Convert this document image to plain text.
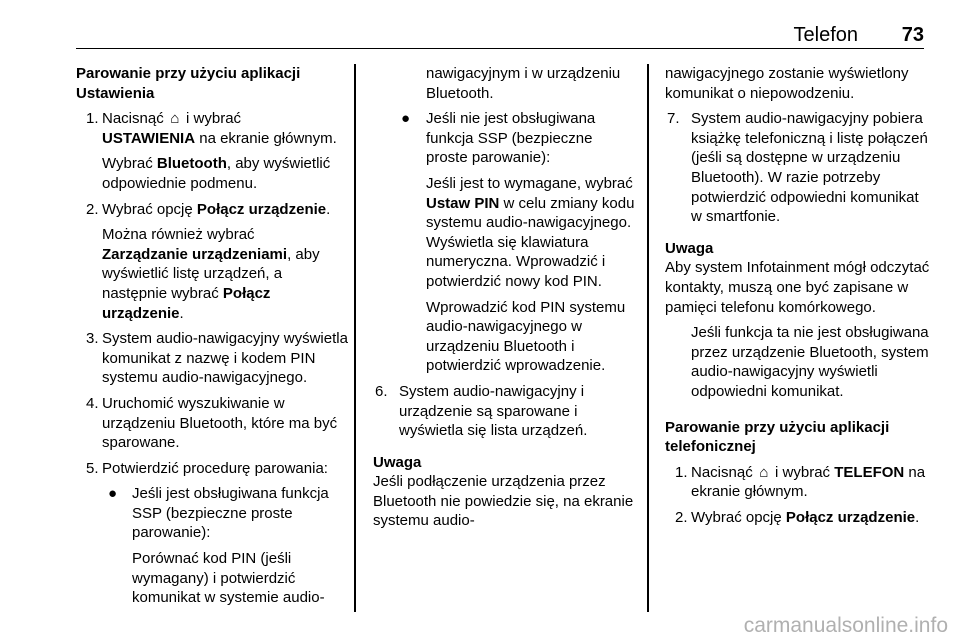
Telefon 73
Parowanie przy użyciu aplikacji Ustawienia
1. Nacisnąć ⌂ i wybrać
USTAWIENIA na ekranie głównym.
Wybrać Bluetooth, aby wyświetlić odpowiednie podmenu.
2. Wybrać opcję Połącz urządzenie.
Można również wybrać
Zarządzanie urządzeniami, aby wyświetlić listę urządzeń, a następnie wybrać Połącz urządzenie.
3. System audio-nawigacyjny wyświetla komunikat z nazwę i kodem PIN systemu audio-nawigacyjnego.
4. Uruchomić wyszukiwanie w urządzeniu Bluetooth, które ma być sparowane.
5. Potwierdzić procedurę parowania:
● Jeśli jest obsługiwana funkcja SSP (bezpieczne proste parowanie):
Porównać kod PIN (jeśli wymagany) i potwierdzić komunikat w systemie audio-
nawigacyjnym i w urządzeniu Bluetooth.
● Jeśli nie jest obsługiwana funkcja SSP (bezpieczne proste parowanie):
Jeśli jest to wymagane, wybrać Ustaw PIN w celu zmiany kodu systemu audio-nawigacyjnego. Wyświetla się klawiatura numeryczna. Wprowadzić i potwierdzić nowy kod PIN.
Wprowadzić kod PIN systemu audio-nawigacyjnego w urządzeniu Bluetooth i potwierdzić wprowadzenie.
6. System audio-nawigacyjny i urządzenie są sparowane i wyświetla się lista urządzeń.
Uwaga
Jeśli podłączenie urządzenia przez Bluetooth nie powiedzie się, na ekranie systemu audio-
nawigacyjnego zostanie wyświetlony komunikat o niepowodzeniu.
7. System audio-nawigacyjny pobiera książkę telefoniczną i listę połączeń (jeśli są dostępne w urządzeniu Bluetooth). W razie potrzeby potwierdzić odpowiedni komunikat w smartfonie.
Uwaga
Aby system Infotainment mógł odczytać kontakty, muszą one być zapisane w pamięci telefonu komórkowego.
Jeśli funkcja ta nie jest obsługiwana przez urządzenie Bluetooth, system audio-nawigacyjny wyświetli odpowiedni komunikat.
Parowanie przy użyciu aplikacji telefonicznej
1. Nacisnąć ⌂ i wybrać TELEFON na ekranie głównym.
2. Wybrać opcję Połącz urządzenie.
carmanualsonline.info
